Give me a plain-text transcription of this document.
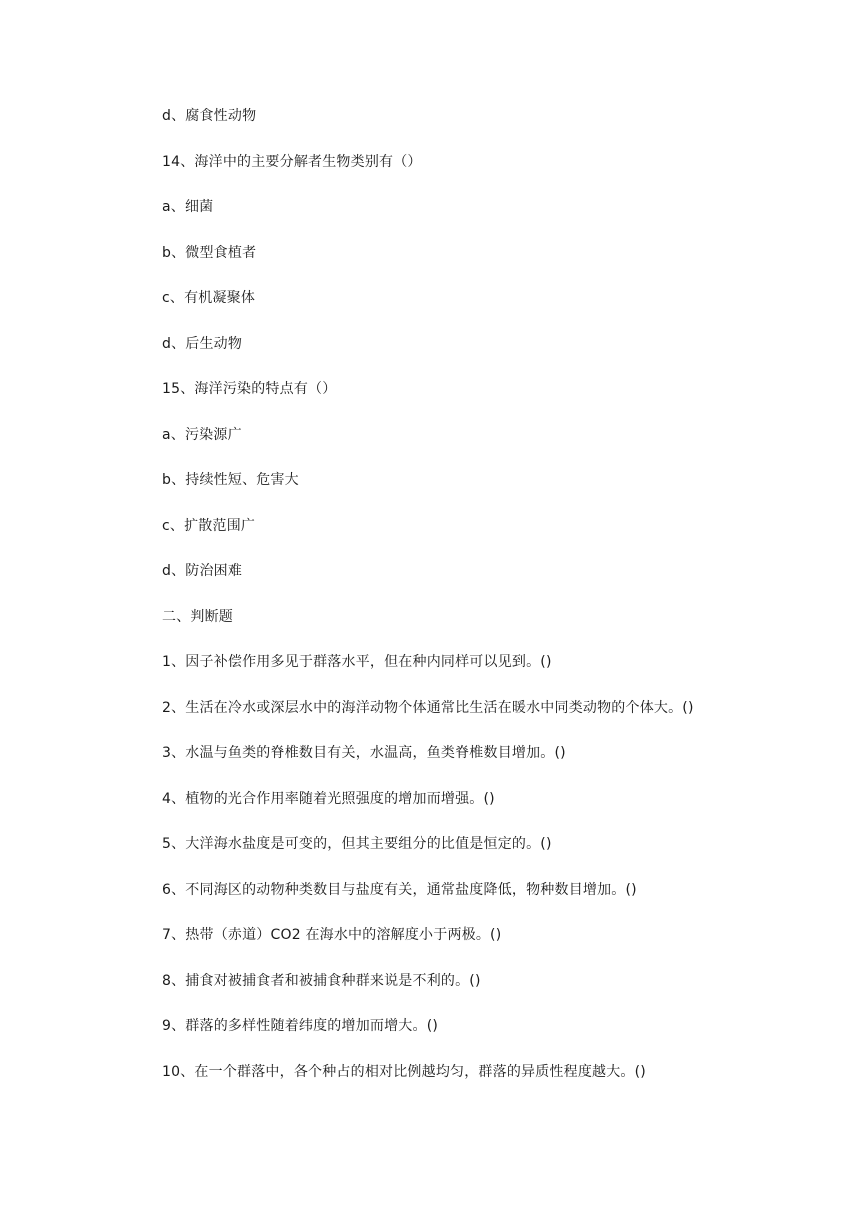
d、腐食性动物
14、海洋中的主要分解者生物类别有（）
a、细菌
b、微型食植者
c、有机凝聚体
d、后生动物
15、海洋污染的特点有（）
a、污染源广
b、持续性短、危害大
c、扩散范围广
d、防治困难
二、判断题
1、因子补偿作用多见于群落水平，但在种内同样可以见到。()
2、生活在冷水或深层水中的海洋动物个体通常比生活在暖水中同类动物的个体大。()
3、水温与鱼类的脊椎数目有关，水温高，鱼类脊椎数目增加。()
4、植物的光合作用率随着光照强度的增加而增强。()
5、大洋海水盐度是可变的，但其主要组分的比值是恒定的。()
6、不同海区的动物种类数目与盐度有关，通常盐度降低，物种数目增加。()
7、热带（赤道）CO2 在海水中的溶解度小于两极。()
8、捕食对被捕食者和被捕食种群来说是不利的。()
9、群落的多样性随着纬度的增加而增大。()
10、在一个群落中，各个种占的相对比例越均匀，群落的异质性程度越大。()
